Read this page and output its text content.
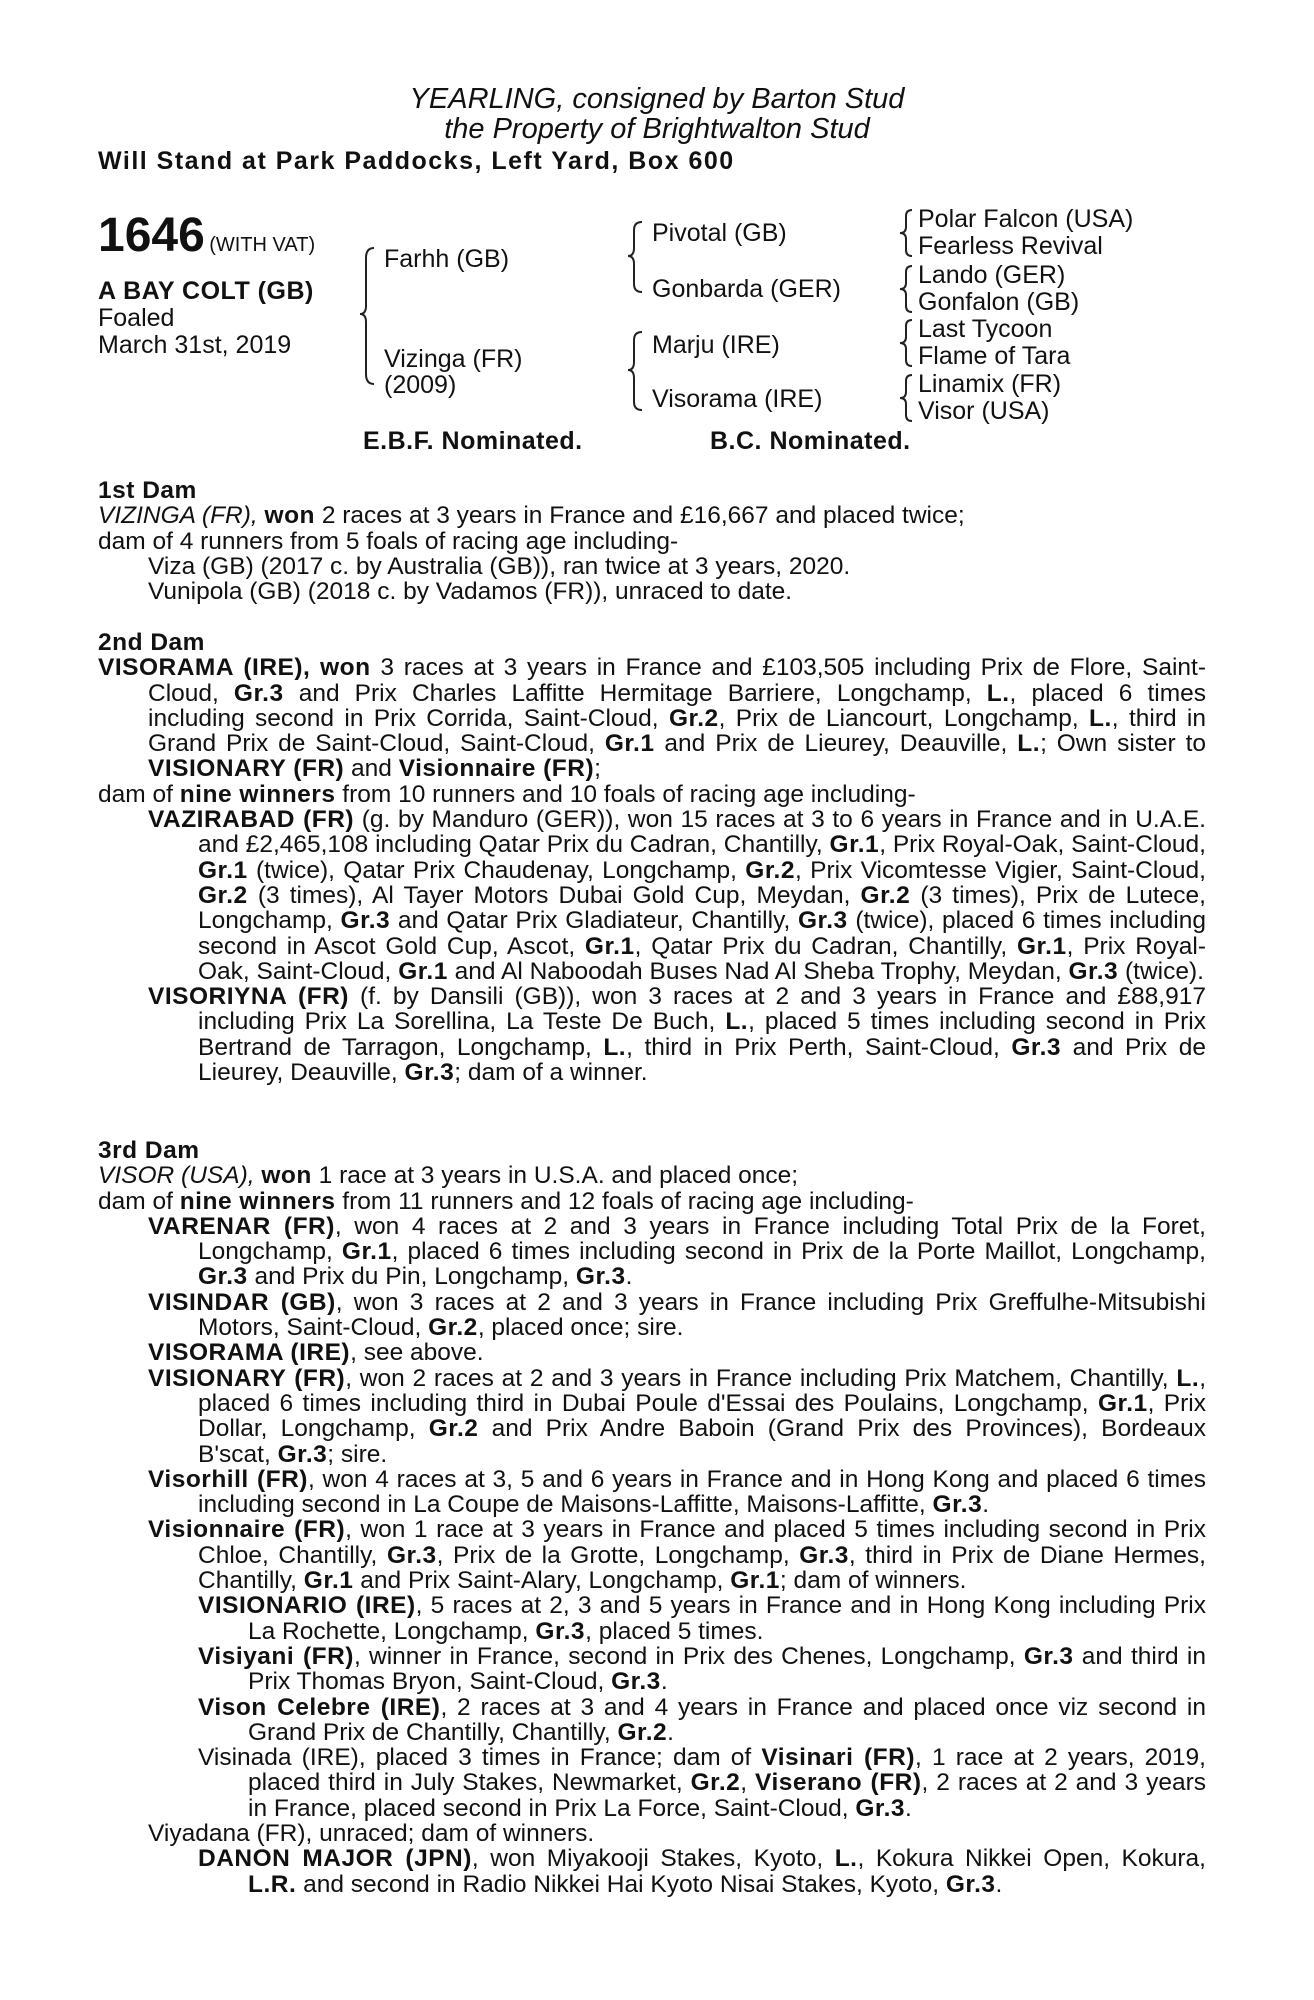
YEARLING, consigned by Barton Stud
the Property of Brightwalton Stud
Will Stand at Park Paddocks, Left Yard, Box 600
1646 (WITH VAT)
A BAY COLT (GB)
Foaled
March 31st, 2019
Farhh (GB)
Vizinga (FR)
(2009)
Pivotal (GB)
Gonbarda (GER)
Marju (IRE)
Visorama (IRE)
Polar Falcon (USA)
Fearless Revival
Lando (GER)
Gonfalon (GB)
Last Tycoon
Flame of Tara
Linamix (FR)
Visor (USA)
E.B.F. Nominated.	B.C. Nominated.

1st Dam

VIZINGA (FR), won 2 races at 3 years in France and £16,667 and placed twice;

dam of 4 runners from 5 foals of racing age including-

Viza (GB) (2017 c. by Australia (GB)), ran twice at 3 years, 2020.

Vunipola (GB) (2018 c. by Vadamos (FR)), unraced to date.

2nd Dam

VISORAMA (IRE), won 3 races at 3 years in France and £103,505 including Prix de Flore, Saint-Cloud, Gr.3 and Prix Charles Laffitte Hermitage Barriere, Longchamp, L., placed 6 times including second in Prix Corrida, Saint-Cloud, Gr.2, Prix de Liancourt, Longchamp, L., third in Grand Prix de Saint-Cloud, Saint-Cloud, Gr.1 and Prix de Lieurey, Deauville, L.; Own sister to VISIONARY (FR) and Visionnaire (FR);

dam of nine winners from 10 runners and 10 foals of racing age including-

VAZIRABAD (FR) (g. by Manduro (GER)), won 15 races at 3 to 6 years in France and in U.A.E. and £2,465,108 including Qatar Prix du Cadran, Chantilly, Gr.1, Prix Royal-Oak, Saint-Cloud, Gr.1 (twice), Qatar Prix Chaudenay, Longchamp, Gr.2, Prix Vicomtesse Vigier, Saint-Cloud, Gr.2 (3 times), Al Tayer Motors Dubai Gold Cup, Meydan, Gr.2 (3 times), Prix de Lutece, Longchamp, Gr.3 and Qatar Prix Gladiateur, Chantilly, Gr.3 (twice), placed 6 times including second in Ascot Gold Cup, Ascot, Gr.1, Qatar Prix du Cadran, Chantilly, Gr.1, Prix Royal-Oak, Saint-Cloud, Gr.1 and Al Naboodah Buses Nad Al Sheba Trophy, Meydan, Gr.3 (twice).

VISORIYNA (FR) (f. by Dansili (GB)), won 3 races at 2 and 3 years in France and £88,917 including Prix La Sorellina, La Teste De Buch, L., placed 5 times including second in Prix Bertrand de Tarragon, Longchamp, L., third in Prix Perth, Saint-Cloud, Gr.3 and Prix de Lieurey, Deauville, Gr.3; dam of a winner.

3rd Dam

VISOR (USA), won 1 race at 3 years in U.S.A. and placed once;

dam of nine winners from 11 runners and 12 foals of racing age including-

VARENAR (FR), won 4 races at 2 and 3 years in France including Total Prix de la Foret, Longchamp, Gr.1, placed 6 times including second in Prix de la Porte Maillot, Longchamp, Gr.3 and Prix du Pin, Longchamp, Gr.3.

VISINDAR (GB), won 3 races at 2 and 3 years in France including Prix Greffulhe-Mitsubishi Motors, Saint-Cloud, Gr.2, placed once; sire.

VISORAMA (IRE), see above.

VISIONARY (FR), won 2 races at 2 and 3 years in France including Prix Matchem, Chantilly, L., placed 6 times including third in Dubai Poule d'Essai des Poulains, Longchamp, Gr.1, Prix Dollar, Longchamp, Gr.2 and Prix Andre Baboin (Grand Prix des Provinces), Bordeaux B'scat, Gr.3; sire.

Visorhill (FR), won 4 races at 3, 5 and 6 years in France and in Hong Kong and placed 6 times including second in La Coupe de Maisons-Laffitte, Maisons-Laffitte, Gr.3.

Visionnaire (FR), won 1 race at 3 years in France and placed 5 times including second in Prix Chloe, Chantilly, Gr.3, Prix de la Grotte, Longchamp, Gr.3, third in Prix de Diane Hermes, Chantilly, Gr.1 and Prix Saint-Alary, Longchamp, Gr.1; dam of winners.

VISIONARIO (IRE), 5 races at 2, 3 and 5 years in France and in Hong Kong including Prix La Rochette, Longchamp, Gr.3, placed 5 times.

Visiyani (FR), winner in France, second in Prix des Chenes, Longchamp, Gr.3 and third in Prix Thomas Bryon, Saint-Cloud, Gr.3.

Vison Celebre (IRE), 2 races at 3 and 4 years in France and placed once viz second in Grand Prix de Chantilly, Chantilly, Gr.2.

Visinada (IRE), placed 3 times in France; dam of Visinari (FR), 1 race at 2 years, 2019, placed third in July Stakes, Newmarket, Gr.2, Viserano (FR), 2 races at 2 and 3 years in France, placed second in Prix La Force, Saint-Cloud, Gr.3.

Viyadana (FR), unraced; dam of winners.

DANON MAJOR (JPN), won Miyakooji Stakes, Kyoto, L., Kokura Nikkei Open, Kokura, L.R. and second in Radio Nikkei Hai Kyoto Nisai Stakes, Kyoto, Gr.3.
